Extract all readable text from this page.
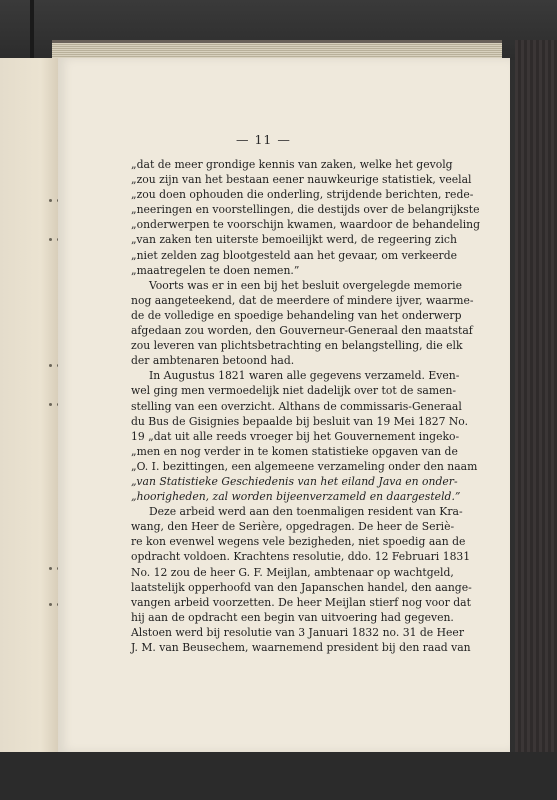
— 11 —
„dat de meer grondige kennis van zaken, welke het gevolg
„zou zijn van het bestaan eener nauwkeurige statistiek, veelal
„zou doen ophouden die onderling, strijdende berichten, rede-
„neeringen en voorstellingen, die destijds over de belangrijkste
„onderwerpen te voorschijn kwamen, waardoor de behandeling
„van zaken ten uiterste bemoeilijkt werd, de regeering zich
„niet zelden zag blootgesteld aan het gevaar, om verkeerde
„maatregelen te doen nemen.”
Voorts was er in een bij het besluit overgelegde memorie
nog aangeteekend, dat de meerdere of mindere ijver, waarme-
de de volledige en spoedige behandeling van het onderwerp
afgedaan zou worden, den Gouverneur-Generaal den maatstaf
zou leveren van plichtsbetrachting en belangstelling, die elk
der ambtenaren betoond had.
In Augustus 1821 waren alle gegevens verzameld. Even-
wel ging men vermoedelijk niet dadelijk over tot de samen-
stelling van een overzicht. Althans de commissaris-Generaal
du Bus de Gisignies bepaalde bij besluit van 19 Mei 1827 No.
19 „dat uit alle reeds vroeger bij het Gouvernement ingeko-
„men en nog verder in te komen statistieke opgaven van de
„O. I. bezittingen, een algemeene verzameling onder den naam
„van Statistieke Geschiedenis van het eiland Java en onder-
„hoorigheden, zal worden bijeenverzameld en daargesteld.”
Deze arbeid werd aan den toenmaligen resident van Kra-
wang, den Heer de Serière, opgedragen. De heer de Seriè-
re kon evenwel wegens vele bezigheden, niet spoedig aan de
opdracht voldoen. Krachtens resolutie, ddo. 12 Februari 1831
No. 12 zou de heer G. F. Meijlan, ambtenaar op wachtgeld,
laatstelijk opperhoofd van den Japanschen handel, den aange-
vangen arbeid voorzetten. De heer Meijlan stierf nog voor dat
hij aan de opdracht een begin van uitvoering had gegeven.
Alstoen werd bij resolutie van 3 Januari 1832 no. 31 de Heer
J. M. van Beusechem, waarnemend president bij den raad van
